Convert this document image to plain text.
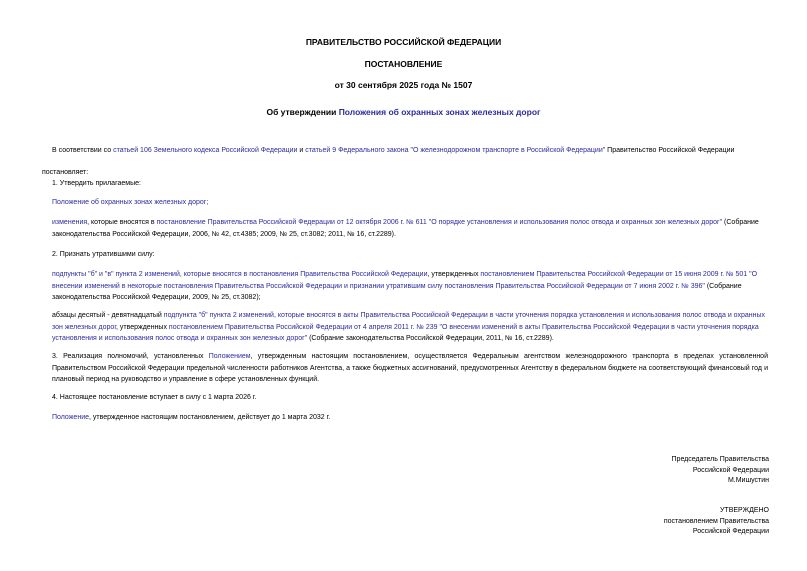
ПРАВИТЕЛЬСТВО РОССИЙСКОЙ ФЕДЕРАЦИИ
ПОСТАНОВЛЕНИЕ
от 30 сентября 2025 года № 1507
Об утверждении Положения об охранных зонах железных дорог
В соответствии со статьей 106 Земельного кодекса Российской Федерации и статьей 9 Федерального закона "О железнодорожном транспорте в Российской Федерации" Правительство Российской Федерации
постановляет:
1. Утвердить прилагаемые:
Положение об охранных зонах железных дорог;
изменения, которые вносятся в постановление Правительства Российской Федерации от 12 октября 2006 г. № 611 "О порядке установления и использования полос отвода и охранных зон железных дорог" (Собрание законодательства Российской Федерации, 2006, № 42, ст.4385; 2009, № 25, ст.3082; 2011, № 16, ст.2289).
2. Признать утратившими силу:
подпункты "б" и "в" пункта 2 изменений, которые вносятся в постановления Правительства Российской Федерации, утвержденных постановлением Правительства Российской Федерации от 15 июня 2009 г. № 501 "О внесении изменений в некоторые постановления Правительства Российской Федерации и признании утратившим силу постановления Правительства Российской Федерации от 7 июня 2002 г. № 396" (Собрание законодательства Российской Федерации, 2009, № 25, ст.3082);
абзацы десятый - девятнадцатый подпункта "б" пункта 2 изменений, которые вносятся в акты Правительства Российской Федерации в части уточнения порядка установления и использования полос отвода и охранных зон железных дорог, утвержденных постановлением Правительства Российской Федерации от 4 апреля 2011 г. № 239 "О внесении изменений в акты Правительства Российской Федерации в части уточнения порядка установления и использования полос отвода и охранных зон железных дорог" (Собрание законодательства Российской Федерации, 2011, № 16, ст.2289).
3. Реализация полномочий, установленных Положением, утвержденным настоящим постановлением, осуществляется Федеральным агентством железнодорожного транспорта в пределах установленной Правительством Российской Федерации предельной численности работников Агентства, а также бюджетных ассигнований, предусмотренных Агентству в федеральном бюджете на соответствующий финансовый год и плановый период на руководство и управление в сфере установленных функций.
4. Настоящее постановление вступает в силу с 1 марта 2026 г.
Положение, утвержденное настоящим постановлением, действует до 1 марта 2032 г.
Председатель Правительства
Российской Федерации
М.Мишустин
УТВЕРЖДЕНО
постановлением Правительства
Российской Федерации
